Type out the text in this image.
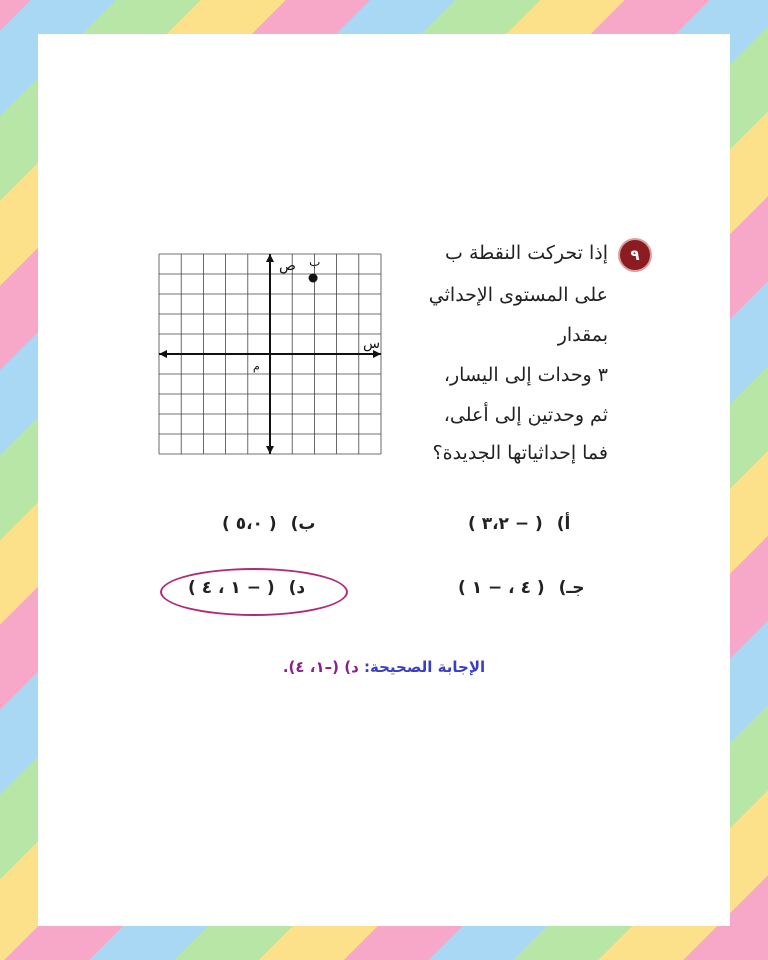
٩
إذا تحركت النقطة ب
على المستوى الإحداثي
بمقدار
٣ وحدات إلى اليسار،
ثم وحدتين إلى أعلى،
فما إحداثياتها الجديدة؟
س
ص
م
ب
أ)( − ٣،٢ )
ب)( ٥،٠ )
جـ)( ٤ ، − ١ )
د)( − ١ ، ٤ )
الإجابة الصحيحة: د) (–١، ٤).
